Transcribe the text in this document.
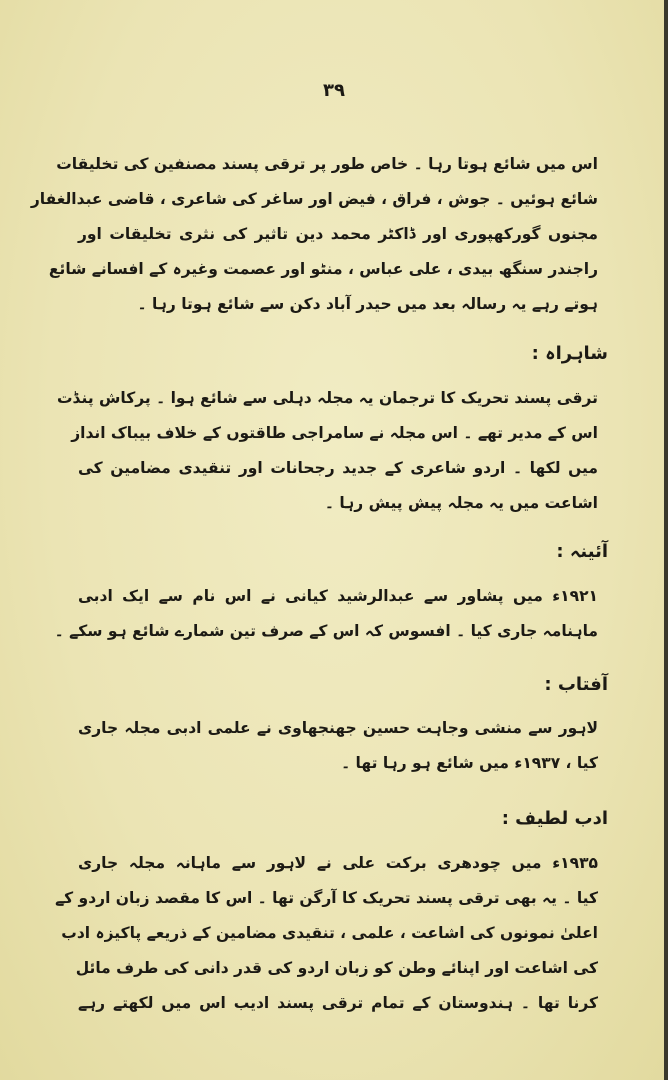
۳۹
اس میں شائع ہوتا رہا ۔ خاص طور پر ترقی پسند مصنفین کی تخلیقات
شائع ہوئیں ۔ جوش ، فراق ، فیض اور ساغر کی شاعری ، قاضی عبدالغفار
مجنوں گورکھپوری اور ڈاکٹر محمد دین تاثیر کی نثری تخلیقات اور
راجندر سنگھ بیدی ، علی عباس ، منٹو اور عصمت وغیرہ کے افسانے شائع
ہوتے رہے یہ رسالہ بعد میں حیدر آباد دکن سے شائع ہوتا رہا ۔
شاہراہ :
ترقی پسند تحریک کا ترجمان یہ مجلہ دہلی سے شائع ہوا ۔ پرکاش پنڈت
اس کے مدیر تھے ۔ اس مجلہ نے سامراجی طاقتوں کے خلاف بیباک انداز
میں لکھا ۔ اردو شاعری کے جدید رجحانات اور تنقیدی مضامین کی
اشاعت میں یہ مجلہ پیش پیش رہا ۔
آئینہ :
۱۹۲۱ء میں پشاور سے عبدالرشید کیانی نے اس نام سے ایک ادبی
ماہنامہ جاری کیا ۔ افسوس کہ اس کے صرف تین شمارے شائع ہو سکے ۔
آفتاب :
لاہور سے منشی وجاہت حسین جھنجھاوی نے علمی ادبی مجلہ جاری
کیا ، ۱۹۳۷ء میں شائع ہو رہا تھا ۔
ادب لطیف :
۱۹۳۵ء میں چودھری برکت علی نے لاہور سے ماہانہ مجلہ جاری
کیا ۔ یہ بھی ترقی پسند تحریک کا آرگن تھا ۔ اس کا مقصد زبان اردو کے
اعلیٰ نمونوں کی اشاعت ، علمی ، تنقیدی مضامین کے ذریعے پاکیزہ ادب
کی اشاعت اور اپنائے وطن کو زبان اردو کی قدر دانی کی طرف مائل
کرنا تھا ۔ ہندوستان کے تمام ترقی پسند ادیب اس میں لکھتے رہے
